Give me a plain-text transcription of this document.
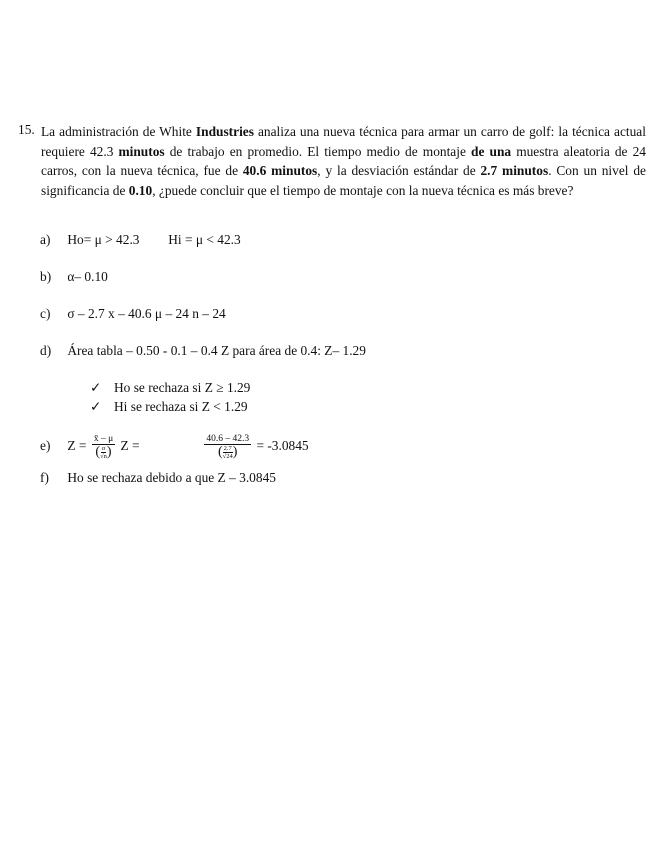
15. La administración de White Industries analiza una nueva técnica para armar un carro de golf: la técnica actual requiere 42.3 minutos de trabajo en promedio. El tiempo medio de montaje de una muestra aleatoria de 24 carros, con la nueva técnica, fue de 40.6 minutos, y la desviación estándar de 2.7 minutos. Con un nivel de significancia de 0.10, ¿puede concluir que el tiempo de montaje con la nueva técnica es más breve?
a) Ho= μ > 42.3 Hi = μ < 42.3
b) α– 0.10
c) σ – 2.7 x – 40.6 μ – 24 n – 24
d) Área tabla – 0.50 - 0.1 – 0.4 Z para área de 0.4: Z– 1.29
✓ Ho se rechaza si Z ≥ 1.29
✓ Hi se rechaza si Z < 1.29
e) $Z = \frac{x̄ - \mu}{( \frac{\sigma}{√n} )}$ Z =	$\frac{40.6 - 42.3}{( \frac{2.7}{√24} )} = -3.0845$
f) Ho se rechaza debido a que Z – 3.0845
